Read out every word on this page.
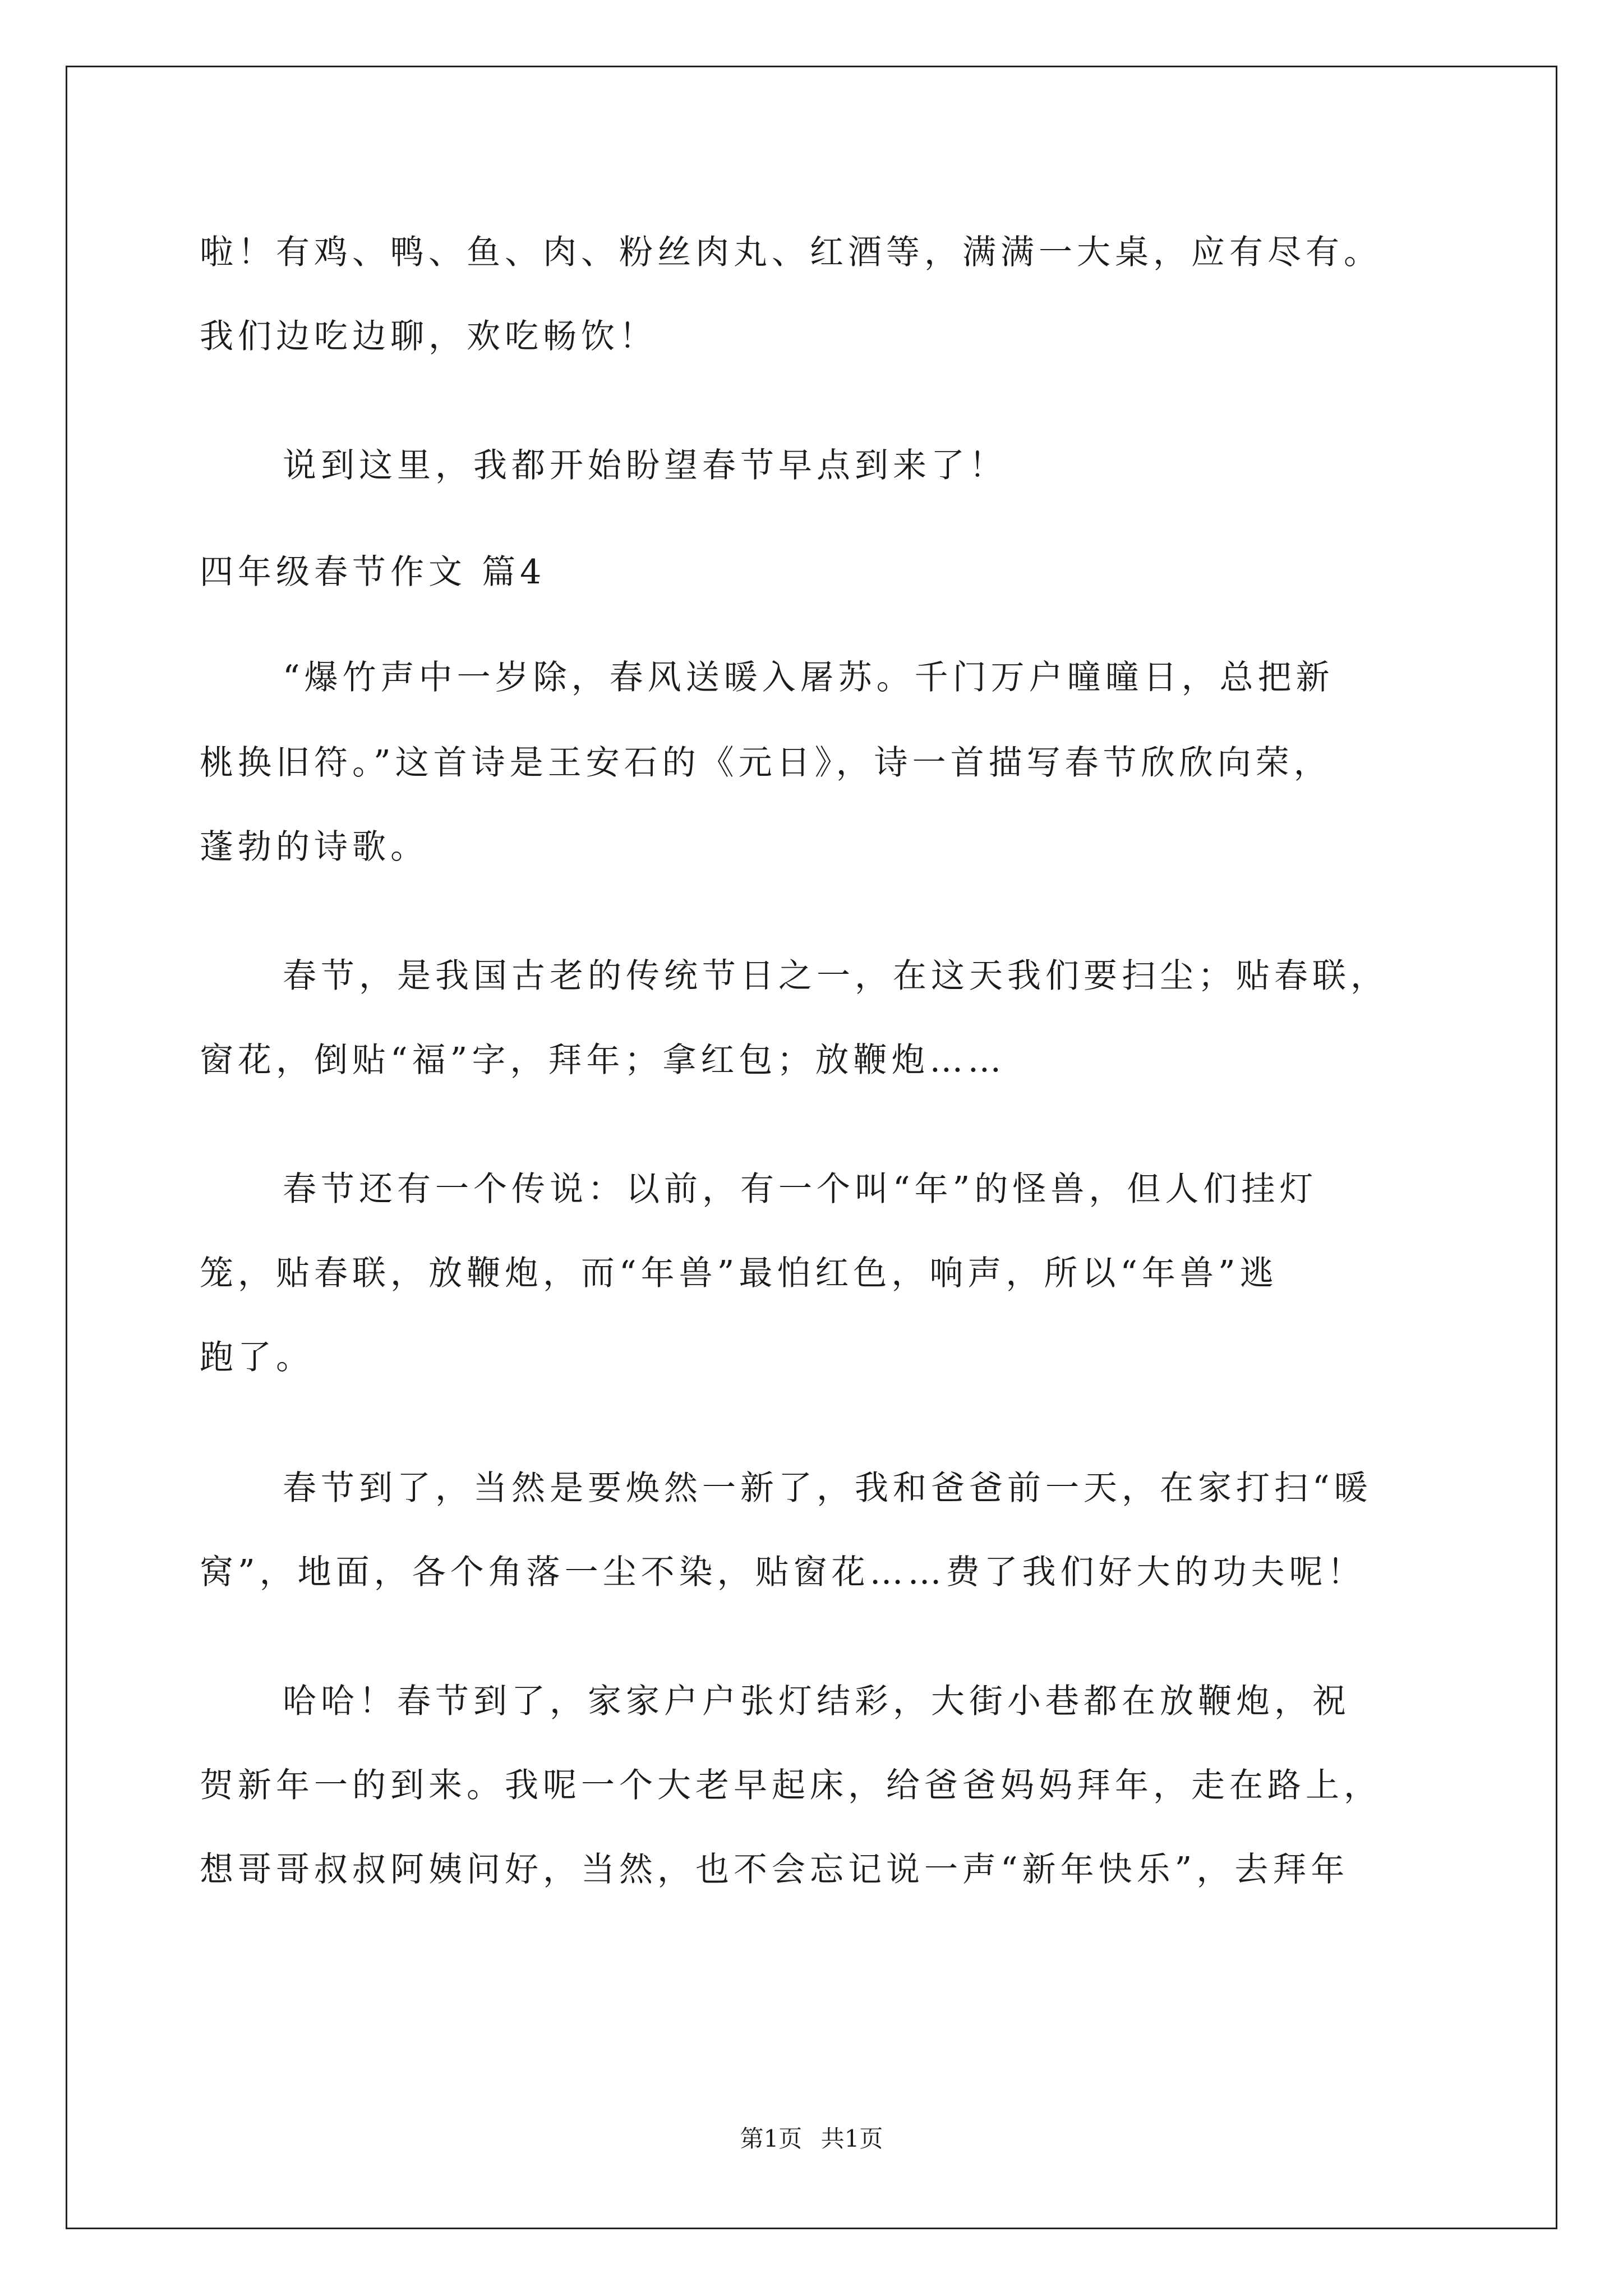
啦！有鸡、鸭、鱼、肉、粉丝肉丸、红酒等，满满一大桌，应有尽有。
我们边吃边聊，欢吃畅饮！
说到这里，我都开始盼望春节早点到来了！
四年级春节作文 篇4
“爆竹声中一岁除，春风送暖入屠苏。千门万户曈曈日，总把新
桃换旧符。”这首诗是王安石的《元日》，诗一首描写春节欣欣向荣，
蓬勃的诗歌。
春节，是我国古老的传统节日之一，在这天我们要扫尘；贴春联，
窗花，倒贴“福”字，拜年；拿红包；放鞭炮……
春节还有一个传说：以前，有一个叫“年”的怪兽，但人们挂灯
笼，贴春联，放鞭炮，而“年兽”最怕红色，响声，所以“年兽”逃
跑了。
春节到了，当然是要焕然一新了，我和爸爸前一天，在家打扫“暖
窝”，地面，各个角落一尘不染，贴窗花……费了我们好大的功夫呢！
哈哈！春节到了，家家户户张灯结彩，大街小巷都在放鞭炮，祝
贺新年一的到来。我呢一个大老早起床，给爸爸妈妈拜年，走在路上，
想哥哥叔叔阿姨问好，当然，也不会忘记说一声“新年快乐”，去拜年
第1页 共1页
